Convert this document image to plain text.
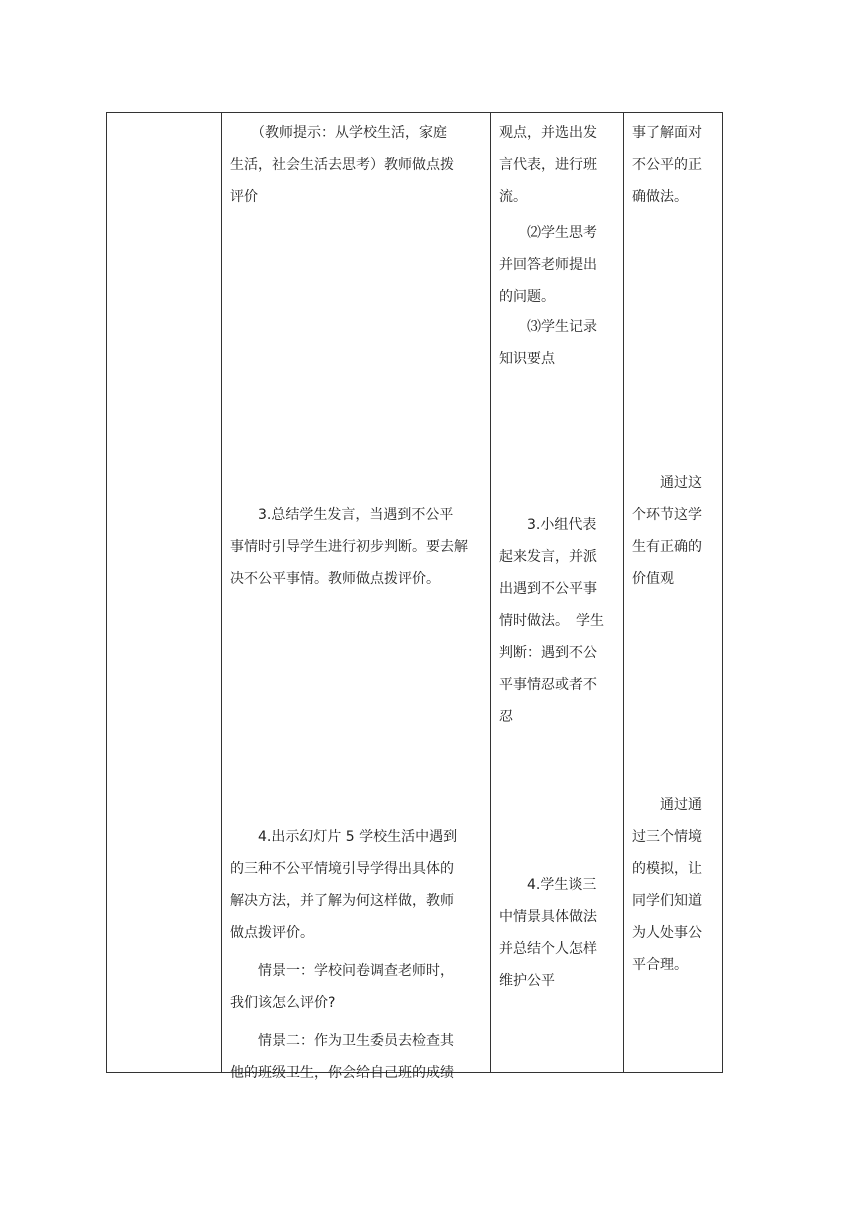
　　（教师提示：从学校生活，家庭

生活，社会生活去思考）教师做点拨

评价

　　3.总结学生发言，当遇到不公平

事情时引导学生进行初步判断。要去解

决不公平事情。教师做点拨评价。

　　4.出示幻灯片 5 学校生活中遇到

的三种不公平情境引导学得出具体的

解决方法，并了解为何这样做，教师

做点拨评价。

　　情景一：学校问卷调查老师时，

我们该怎么评价?

　　情景二：作为卫生委员去检查其

他的班级卫生，你会给自己班的成绩

观点，并选出发

言代表，进行班

流。

　　⑵学生思考

并回答老师提出

的问题。

　　⑶学生记录

知识要点

　　3.小组代表

起来发言，并派

出遇到不公平事

情时做法。　学生

判断：遇到不公

平事情忍或者不

忍

　　4.学生谈三

中情景具体做法

并总结个人怎样

维护公平

事了解面对

不公平的正

确做法。

　　通过这

个环节这学

生有正确的

价值观

　　通过通

过三个情境

的模拟，让

同学们知道

为人处事公

平合理。
